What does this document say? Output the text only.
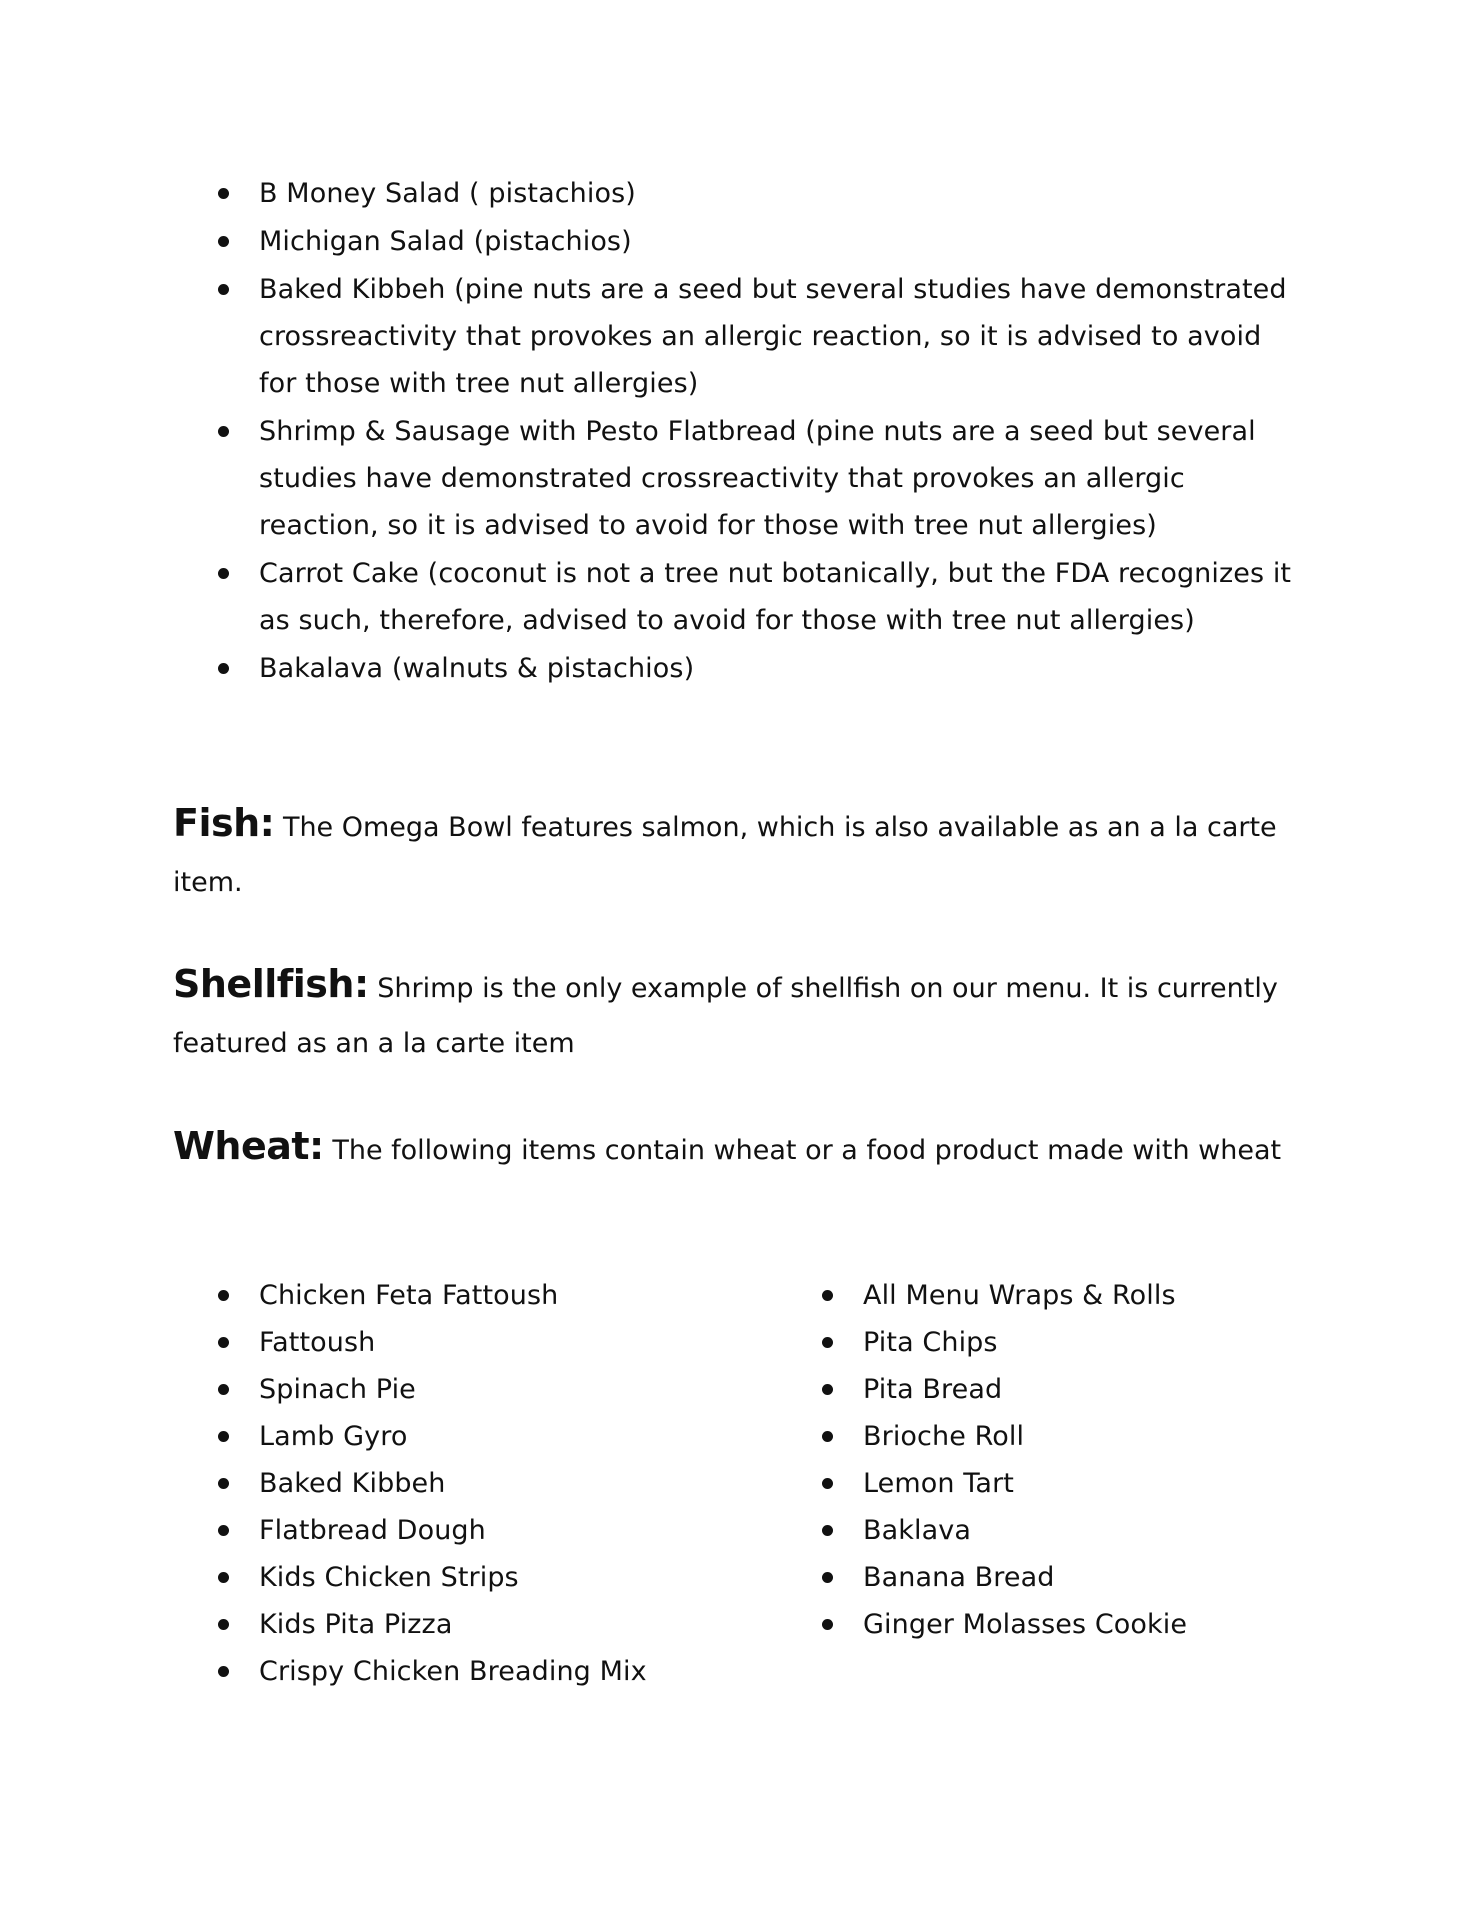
B Money Salad ( pistachios)
Michigan Salad (pistachios)
Baked Kibbeh (pine nuts are a seed but several studies have demonstrated crossreactivity that provokes an allergic reaction, so it is advised to avoid for those with tree nut allergies)
Shrimp & Sausage with Pesto Flatbread (pine nuts are a seed but several studies have demonstrated crossreactivity that provokes an allergic reaction, so it is advised to avoid for those with tree nut allergies)
Carrot Cake (coconut is not a tree nut botanically, but the FDA recognizes it as such, therefore, advised to avoid for those with tree nut allergies)
Bakalava (walnuts & pistachios)
Fish: The Omega Bowl features salmon, which is also available as an a la carte item.
Shellfish: Shrimp is the only example of shellfish on our menu. It is currently featured as an a la carte item
Wheat: The following items contain wheat or a food product made with wheat
Chicken Feta Fattoush
Fattoush
Spinach Pie
Lamb Gyro
Baked Kibbeh
Flatbread Dough
Kids Chicken Strips
Kids Pita Pizza
Crispy Chicken Breading Mix
All Menu Wraps & Rolls
Pita Chips
Pita Bread
Brioche Roll
Lemon Tart
Baklava
Banana Bread
Ginger Molasses Cookie
